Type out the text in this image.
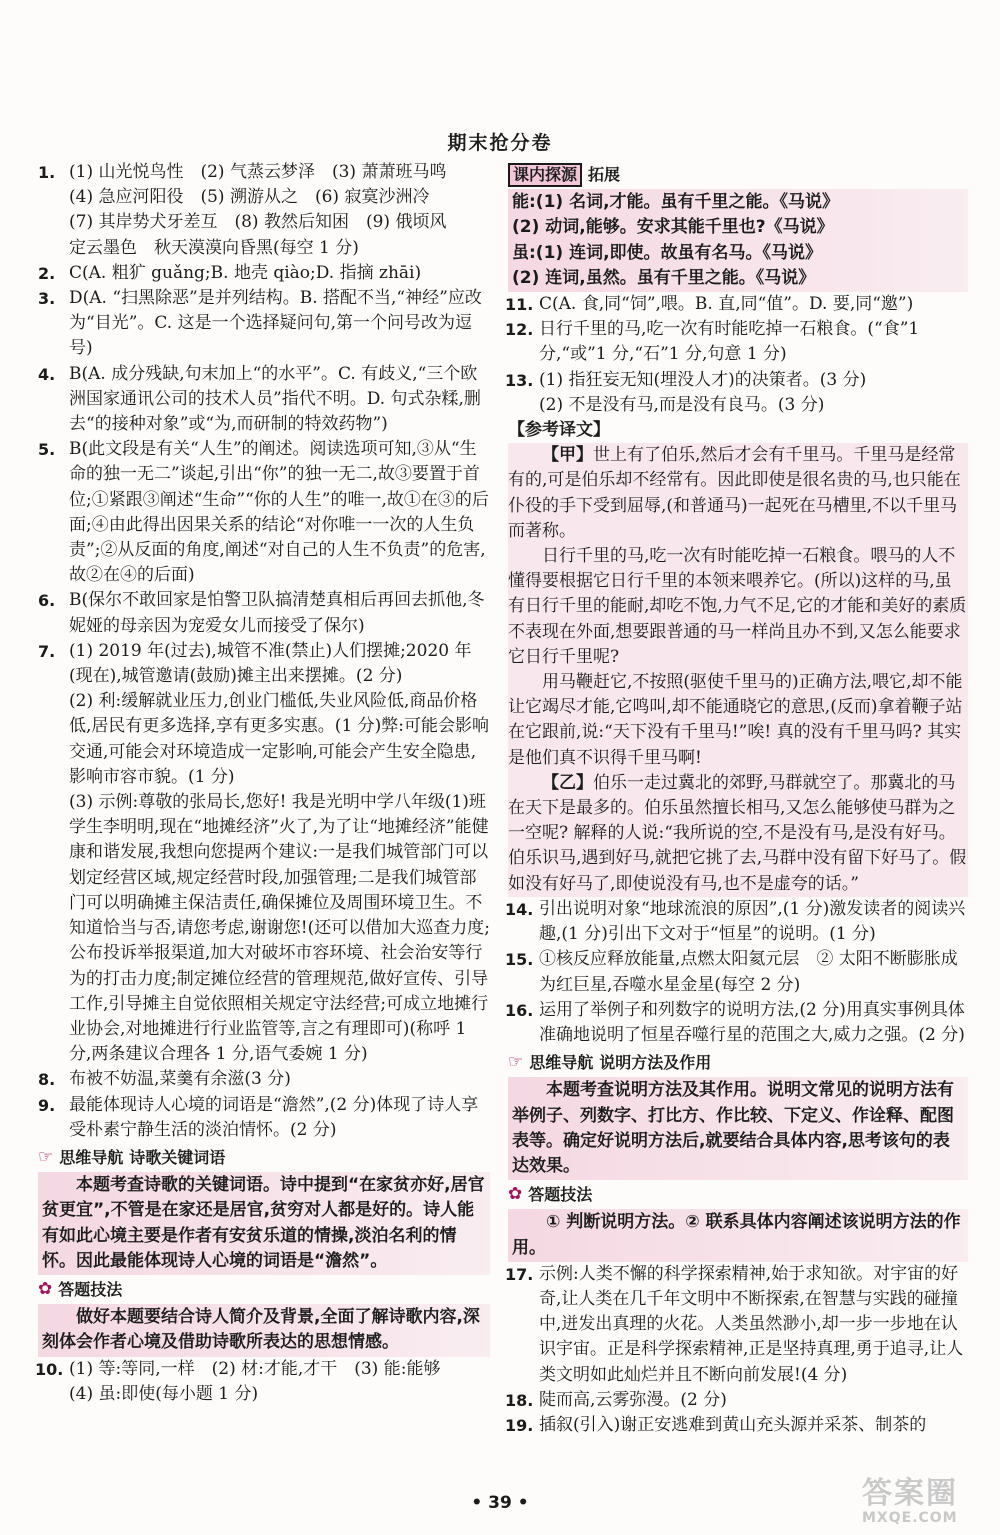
期末抢分卷
1. (1) 山光悦鸟性　(2) 气蒸云梦泽　(3) 萧萧班马鸣
(4) 急应河阳役　(5) 溯游从之　(6) 寂寞沙洲冷
(7) 其岸势犬牙差互　(8) 教然后知困　(9) 俄顷风
定云墨色　秋天漠漠向昏黑(每空 1 分)
2. C(A. 粗犷 guǎng;B. 地壳 qiào;D. 指摘 zhāi)
3. D(A. “扫黑除恶”是并列结构。B. 搭配不当,“神经”应改为“目光”。C. 这是一个选择疑问句,第一个问号改为逗号)
4. B(A. 成分残缺,句末加上“的水平”。C. 有歧义,“三个欧洲国家通讯公司的技术人员”指代不明。D. 句式杂糅,删去“的接种对象”或“为,而研制的特效药物”)
5. B(此文段是有关“人生”的阐述。阅读选项可知,③从“生命的独一无二”谈起,引出“你”的独一无二,故③要置于首位;①紧跟③阐述“生命”“你的人生”的唯一,故①在③的后面;④由此得出因果关系的结论“对你唯一一次的人生负责”;②从反面的角度,阐述“对自己的人生不负责”的危害,故②在④的后面)
6. B(保尔不敢回家是怕警卫队搞清楚真相后再回去抓他,冬妮娅的母亲因为宠爱女儿而接受了保尔)
7. (1) 2019 年(过去),城管不准(禁止)人们摆摊;2020 年(现在),城管邀请(鼓励)摊主出来摆摊。(2 分)
(2) 利:缓解就业压力,创业门槛低,失业风险低,商品价格低,居民有更多选择,享有更多实惠。(1 分)弊:可能会影响交通,可能会对环境造成一定影响,可能会产生安全隐患,影响市容市貌。(1 分)
(3) 示例:尊敬的张局长,您好! 我是光明中学八年级(1)班学生李明明,现在“地摊经济”火了,为了让“地摊经济”能健康和谐发展,我想向您提两个建议:一是我们城管部门可以划定经营区域,规定经营时段,加强管理;二是我们城管部门可以明确摊主保洁责任,确保摊位及周围环境卫生。不知道恰当与否,请您考虑,谢谢您!(还可以借加大巡查力度;公布投诉举报渠道,加大对破坏市容环境、社会治安等行为的打击力度;制定摊位经营的管理规范,做好宣传、引导工作,引导摊主自觉依照相关规定守法经营;可成立地摊行业协会,对地摊进行行业监管等,言之有理即可)(称呼 1 分,两条建议合理各 1 分,语气委婉 1 分)
8. 布被不妨温,菜羹有余滋(3 分)
9. 最能体现诗人心境的词语是“澹然”,(2 分)体现了诗人享受朴素宁静生活的淡泊情怀。(2 分)
☞ 思维导航 诗歌关键词语
本题考查诗歌的关键词语。诗中提到“在家贫亦好,居官贫更宜”,不管是在家还是居官,贫穷对人都是好的。诗人能有如此心境主要是作者有安贫乐道的情操,淡泊名利的情怀。因此最能体现诗人心境的词语是“澹然”。
✿ 答题技法
做好本题要结合诗人简介及背景,全面了解诗歌内容,深刻体会作者心境及借助诗歌所表达的思想情感。
10. (1) 等:等同,一样　(2) 材:才能,才干　(3) 能:能够
(4) 虽:即使(每小题 1 分)
课内探源 拓展
能:(1) 名词,才能。虽有千里之能。《马说》
(2) 动词,能够。安求其能千里也?《马说》
虽:(1) 连词,即使。故虽有名马。《马说》
(2) 连词,虽然。虽有千里之能。《马说》
11. C(A. 食,同“饲”,喂。B. 直,同“值”。D. 要,同“邀”)
12. 日行千里的马,吃一次有时能吃掉一石粮食。(“食”1 分,“或”1 分,“石”1 分,句意 1 分)
13. (1) 指狂妄无知(埋没人才)的决策者。(3 分)
(2) 不是没有马,而是没有良马。(3 分)
【参考译文】
【甲】世上有了伯乐,然后才会有千里马。千里马是经常有的,可是伯乐却不经常有。因此即使是很名贵的马,也只能在仆役的手下受到屈辱,(和普通马)一起死在马槽里,不以千里马而著称。
日行千里的马,吃一次有时能吃掉一石粮食。喂马的人不懂得要根据它日行千里的本领来喂养它。(所以)这样的马,虽有日行千里的能耐,却吃不饱,力气不足,它的才能和美好的素质不表现在外面,想要跟普通的马一样尚且办不到,又怎么能要求它日行千里呢?
用马鞭赶它,不按照(驱使千里马的)正确方法,喂它,却不能让它竭尽才能,它鸣叫,却不能通晓它的意思,(反而)拿着鞭子站在它跟前,说:“天下没有千里马!”唉! 真的没有千里马吗? 其实是他们真不识得千里马啊!
【乙】伯乐一走过冀北的郊野,马群就空了。那冀北的马在天下是最多的。伯乐虽然擅长相马,又怎么能够使马群为之一空呢? 解释的人说:“我所说的空,不是没有马,是没有好马。伯乐识马,遇到好马,就把它挑了去,马群中没有留下好马了。假如没有好马了,即使说没有马,也不是虚夸的话。”
14. 引出说明对象“地球流浪的原因”,(1 分)激发读者的阅读兴趣,(1 分)引出下文对于“恒星”的说明。(1 分)
15. ①核反应释放能量,点燃太阳氦元层　② 太阳不断膨胀成为红巨星,吞噬水星金星(每空 2 分)
16. 运用了举例子和列数字的说明方法,(2 分)用真实事例具体准确地说明了恒星吞噬行星的范围之大,威力之强。(2 分)
☞ 思维导航 说明方法及作用
本题考查说明方法及其作用。说明文常见的说明方法有举例子、列数字、打比方、作比较、下定义、作诠释、配图表等。确定好说明方法后,就要结合具体内容,思考该句的表达效果。
✿ 答题技法
① 判断说明方法。② 联系具体内容阐述该说明方法的作用。
17. 示例:人类不懈的科学探索精神,始于求知欲。对宇宙的好奇,让人类在几千年文明中不断探索,在智慧与实践的碰撞中,迸发出真理的火花。人类虽然渺小,却一步一步地在认识宇宙。正是科学探索精神,正是坚持真理,勇于追寻,让人类文明如此灿烂并且不断向前发展!(4 分)
18. 陡而高,云雾弥漫。(2 分)
19. 插叙(引入)谢正安逃难到黄山充头源并采茶、制茶的
• 39 •	答案圈
MXQE.COM
